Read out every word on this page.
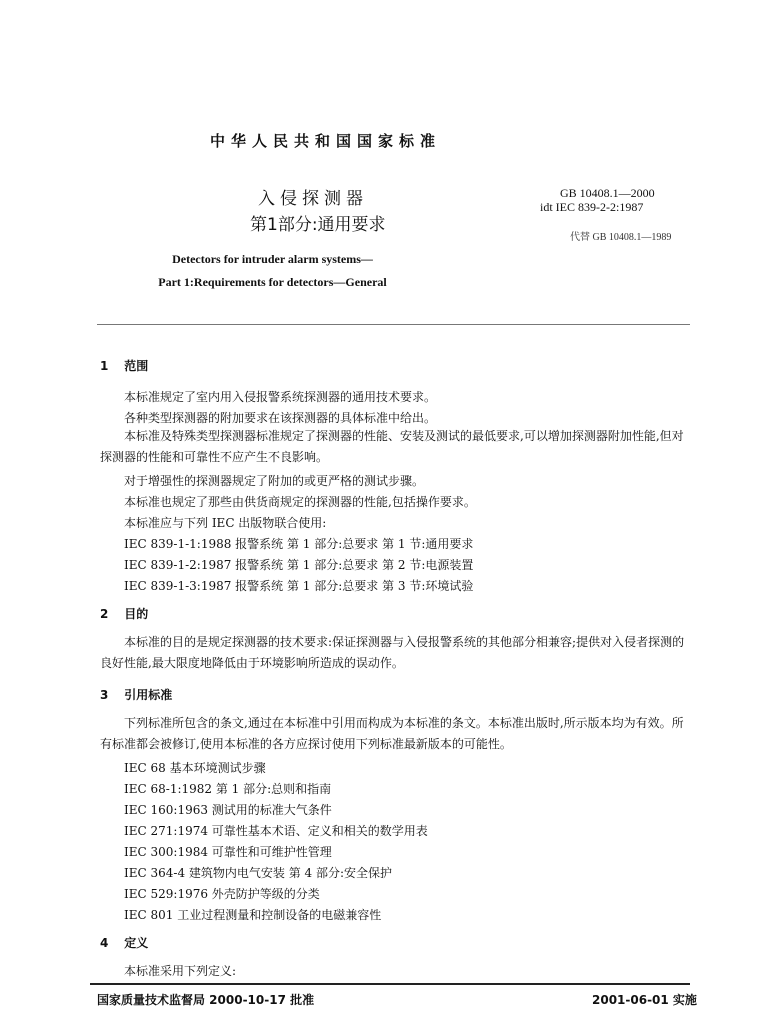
中华人民共和国国家标准
入侵探测器
第1部分:通用要求
GB 10408.1—2000
idt IEC 839-2-2:1987
代替 GB 10408.1—1989
Detectors for intruder alarm systems—
Part 1:Requirements for detectors—General
1 范围
本标准规定了室内用入侵报警系统探测器的通用技术要求。
各种类型探测器的附加要求在该探测器的具体标准中给出。
本标准及特殊类型探测器标准规定了探测器的性能、安装及测试的最低要求,可以增加探测器附加性能,但对探测器的性能和可靠性不应产生不良影响。
对于增强性的探测器规定了附加的或更严格的测试步骤。
本标准也规定了那些由供货商规定的探测器的性能,包括操作要求。
本标准应与下列 IEC 出版物联合使用:
IEC 839-1-1:1988 报警系统 第 1 部分:总要求 第 1 节:通用要求
IEC 839-1-2:1987 报警系统 第 1 部分:总要求 第 2 节:电源装置
IEC 839-1-3:1987 报警系统 第 1 部分:总要求 第 3 节:环境试验
2 目的
本标准的目的是规定探测器的技术要求:保证探测器与入侵报警系统的其他部分相兼容;提供对入侵者探测的良好性能,最大限度地降低由于环境影响所造成的误动作。
3 引用标准
下列标准所包含的条文,通过在本标准中引用而构成为本标准的条文。本标准出版时,所示版本均为有效。所有标准都会被修订,使用本标准的各方应探讨使用下列标准最新版本的可能性。
IEC 68 基本环境测试步骤
IEC 68-1:1982 第 1 部分:总则和指南
IEC 160:1963 测试用的标准大气条件
IEC 271:1974 可靠性基本术语、定义和相关的数学用表
IEC 300:1984 可靠性和可维护性管理
IEC 364-4 建筑物内电气安装 第 4 部分:安全保护
IEC 529:1976 外壳防护等级的分类
IEC 801 工业过程测量和控制设备的电磁兼容性
4 定义
本标准采用下列定义:
国家质量技术监督局 2000-10-17 批准	2001-06-01 实施
